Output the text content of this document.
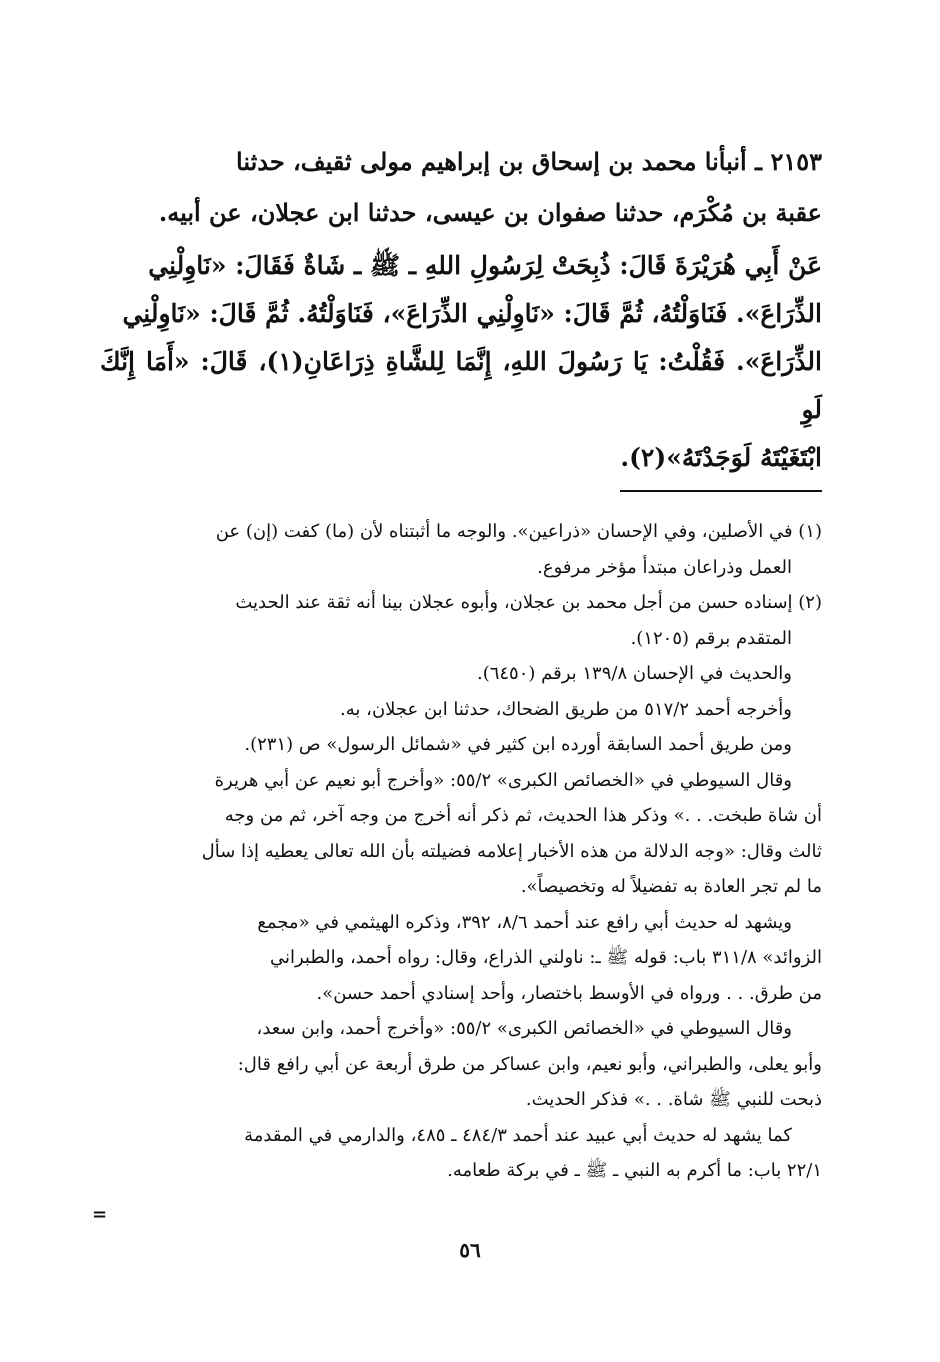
٢١٥٣ ـ أنبأنا محمد بن إسحاق بن إبراهيم مولى ثقيف، حدثنا

عقبة بن مُكْرَم، حدثنا صفوان بن عيسى، حدثنا ابن عجلان، عن أبيه.

عَنْ أَبِي هُرَيْرَةَ قَالَ: ذُبِحَتْ لِرَسُولِ اللهِ ـ ﷺ ـ شَاةٌ فَقَالَ: «نَاوِلْنِي

الذِّرَاعَ». فَنَاوَلْتُهُ، ثُمَّ قَالَ: «نَاوِلْنِي الذِّرَاعَ»، فَنَاوَلْتُهُ. ثُمَّ قَالَ: «نَاوِلْنِي

الذِّرَاعَ». فَقُلْتُ: يَا رَسُولَ اللهِ، إِنَّمَا لِلشَّاةِ ذِرَاعَانِ(١)، قَالَ: «أَمَا إِنَّكَ لَوِ

ابْتَغَيْتَهُ لَوَجَدْتَهُ»(٢).

(١) في الأصلين، وفي الإحسان «ذراعين». والوجه ما أثبتناه لأن (ما) كفت (إن) عن

العمل وذراعان مبتدأ مؤخر مرفوع.

(٢) إسناده حسن من أجل محمد بن عجلان، وأبوه عجلان بينا أنه ثقة عند الحديث

المتقدم برقم (١٢٠٥).

والحديث في الإحسان ١٣٩/٨ برقم (٦٤٥٠).

وأخرجه أحمد ٥١٧/٢ من طريق الضحاك، حدثنا ابن عجلان، به.

ومن طريق أحمد السابقة أورده ابن كثير في «شمائل الرسول» ص (٢٣١).

وقال السيوطي في «الخصائص الكبرى» ٥٥/٢: «وأخرج أبو نعيم عن أبي هريرة

أن شاة طبخت. . .» وذكر هذا الحديث، ثم ذكر أنه أخرج من وجه آخر، ثم من وجه

ثالث وقال: «وجه الدلالة من هذه الأخبار إعلامه فضيلته بأن الله تعالى يعطيه إذا سأل

ما لم تجر العادة به تفضيلاً له وتخصيصاً».

ويشهد له حديث أبي رافع عند أحمد ٨/٦، ٣٩٢، وذكره الهيثمي في «مجمع

الزوائد» ٣١١/٨ باب: قوله ﷺ ـ: ناولني الذراع، وقال: رواه أحمد، والطبراني

من طرق. . . ورواه في الأوسط باختصار، وأحد إسنادي أحمد حسن».

وقال السيوطي في «الخصائص الكبرى» ٥٥/٢: «وأخرج أحمد، وابن سعد،

وأبو يعلى، والطبراني، وأبو نعيم، وابن عساكر من طرق أربعة عن أبي رافع قال:

ذبحت للنبي ﷺ شاة. . .» فذكر الحديث.

كما يشهد له حديث أبي عبيد عند أحمد ٤٨٤/٣ ـ ٤٨٥، والدارمي في المقدمة

٢٢/١ باب: ما أكرم به النبي ـ ﷺ ـ في بركة طعامه.

=
٥٦
